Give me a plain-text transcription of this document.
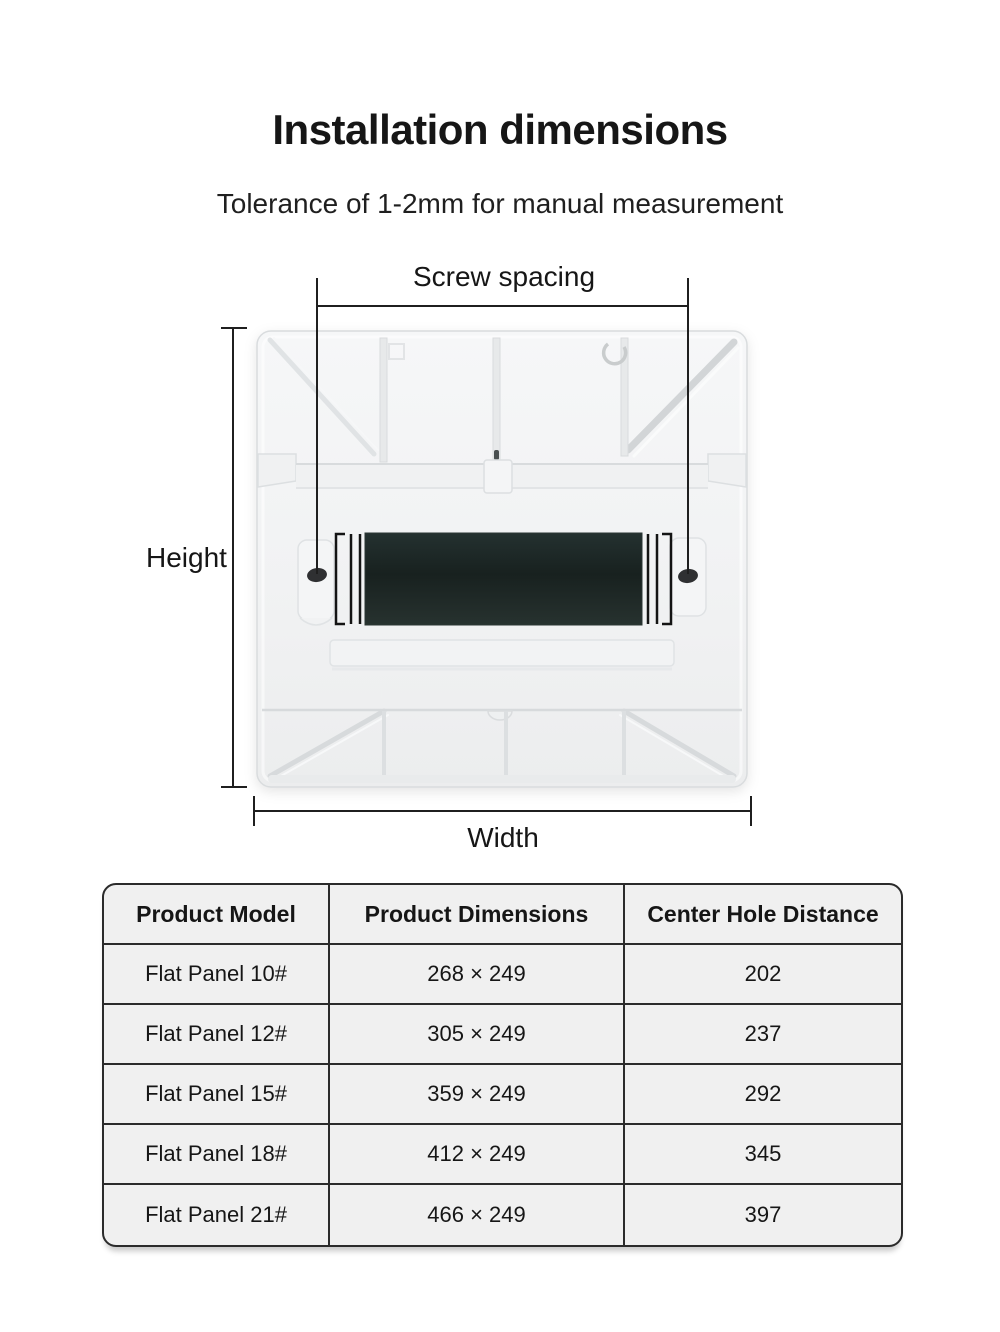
Installation dimensions
Tolerance of 1-2mm for manual measurement
Screw spacing
Height
Width
Product Model	Product Dimensions	Center Hole Distance
Flat Panel 10#	268 × 249	202
Flat Panel 12#	305 × 249	237
Flat Panel 15#	359 × 249	292
Flat Panel 18#	412 × 249	345
Flat Panel 21#	466 × 249	397
